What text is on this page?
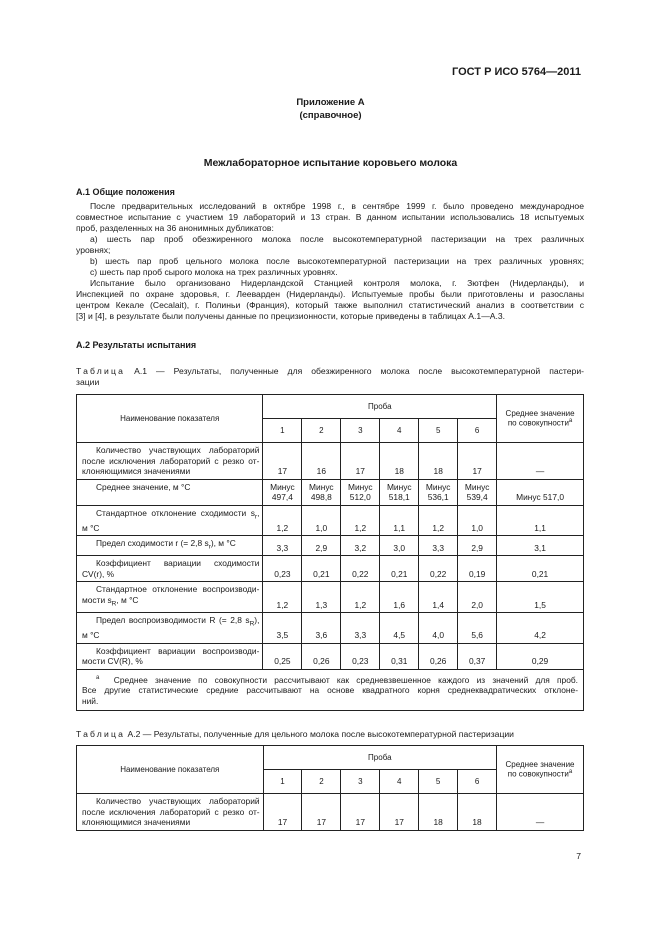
ГОСТ Р ИСО 5764—2011
Приложение А
(справочное)
Межлабораторное испытание коровьего молока
А.1 Общие положения
После предварительных исследований в октябре 1998 г., в сентябре 1999 г. было проведено международное
совместное испытание с участием 19 лабораторий и 13 стран. В данном испытании использовались 18 испытуемых
проб, разделенных на 36 анонимных дубликатов:
a) шесть пар проб обезжиренного молока после высокотемпературной пастеризации на трех различных
уровнях;
b) шесть пар проб цельного молока после высокотемпературной пастеризации на трех различных уровнях;
c) шесть пар проб сырого молока на трех различных уровнях.
Испытание было организовано Нидерландской Станцией контроля молока, г. Зютфен (Нидерланды), и
Инспекцией по охране здоровья, г. Леевардeн (Нидерланды). Испытуемые пробы были приготовлены и разосланы
центром Кекале (Cecalait), г. Полиньи (Франция), который также выполнил статистический анализ в соответствии с
[3] и [4], в результате были получены данные по прецизионности, которые приведены в таблицах А.1—А.3.
А.2 Результаты испытания
Таблица А.1 — Результаты, полученные для обезжиренного молока после высокотемпературной пастери-
зации
Наименование показателя	Проба						Среднее значение по совокупности$^a$
	1	2	3	4	5	6	
Количество участвующих лабораторий после исключения лабораторий с резко от-клоняющимися значениями	17	16	17	18	18	17	—
Среднее значение, м °С	Минус 497,4	Минус 498,8	Минус 512,0	Минус 518,1	Минус 536,1	Минус 539,4	Минус 517,0
Стандартное отклонение сходимости $s_r$, м °С	1,2	1,0	1,2	1,1	1,2	1,0	1,1
Предел сходимости r (= 2,8 $s_r$), м °С	3,3	2,9	3,2	3,0	3,3	2,9	3,1
Коэффициент вариации сходимости CV(r), %	0,23	0,21	0,22	0,21	0,22	0,19	0,21
Стандартное отклонение воспроизводи-мости $s_R$, м °С	1,2	1,3	1,2	1,6	1,4	2,0	1,5
Предел воспроизводимости R (= 2,8 $s_R$), м °С	3,5	3,6	3,3	4,5	4,0	5,6	4,2
Коэффициент вариации воспроизводи-мости CV(R), %	0,25	0,26	0,23	0,31	0,26	0,37	0,29

$^a$ Среднее значение по совокупности рассчитывают как средневзвешенное каждого из значений для проб.
Все другие статистические средние рассчитывают на основе квадратного корня среднеквадратических отклоне-
ний.							
Таблица А.2 — Результаты, полученные для цельного молока после высокотемпературной пастеризации
Наименование показателя	Проба						Среднее значение по совокупности$^a$
	1	2	3	4	5	6	
Количество участвующих лабораторий после исключения лабораторий с резко от-клоняющимися значениями	17	17	17	17	18	18	—
7
